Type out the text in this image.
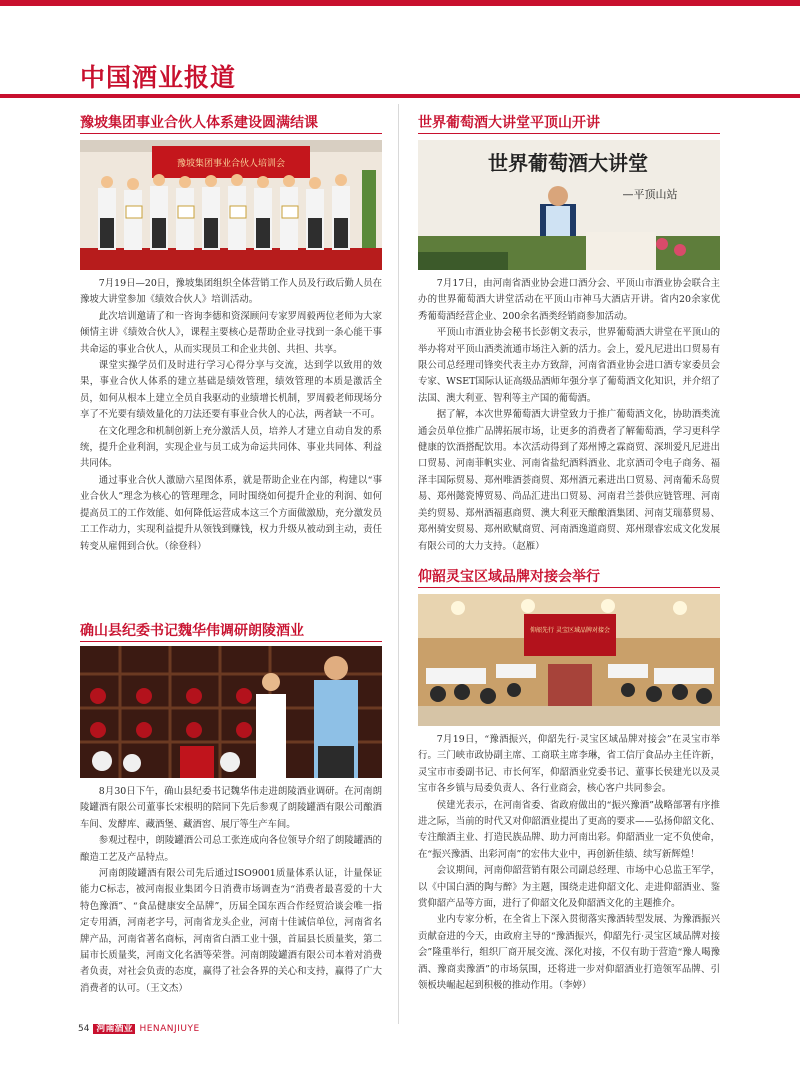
中国酒业报道
豫坡集团事业合伙人体系建设圆满结课
豫坡集团事业合伙人培训会

7月19日—20日，豫坡集团组织全体营销工作人员及行政后勤人员在豫坡大讲堂参加《绩效合伙人》培训活动。

此次培训邀请了和一咨询李德和资深顾问专家罗周毅两位老师为大家倾情主讲《绩效合伙人》，课程主要核心是帮助企业寻找到一条心能干事共命运的事业合伙人，从而实现员工和企业共创、共担、共享。

课堂实操学员们及时进行学习心得分享与交流，达到学以致用的效果，事业合伙人体系的建立基础是绩效管理，绩效管理的本质是激活全员，如何从根本上建立全员自我驱动的业绩增长机制，罗周毅老师现场分享了不光要有绩效量化的刀法还要有事业合伙人的心法，两者缺一不可。

在文化理念和机制创新上充分激活人员，培养人才建立自动自发的系统，提升企业利润，实现企业与员工成为命运共同体、事业共同体、利益共同体。

通过事业合伙人激励六星图体系，就是帮助企业在内部，构建以“事业合伙人”理念为核心的管理理念，同时围绕如何提升企业的利润、如何提高员工的工作效能、如何降低运营成本这三个方面做激励，充分激发员工工作动力，实现利益提升从领钱到赚钱，权力升级从被动到主动，责任转变从雇佣到合伙。（徐登科）

确山县纪委书记魏华伟调研朗陵酒业

8月30日下午，确山县纪委书记魏华伟走进朗陵酒业调研。在河南朗陵罐酒有限公司董事长宋根明的陪同下先后参观了朗陵罐酒有限公司酿酒车间、发酵库、藏酒堡、藏酒窖、展厅等生产车间。

参观过程中，朗陵罐酒公司总工张连成向各位领导介绍了朗陵罐酒的酿造工艺及产品特点。

河南朗陵罐酒有限公司先后通过ISO9001质量体系认证，计量保证能力C标志，被河南报业集团今日消费市场调查为“消费者最喜爱的十大特色豫酒”、“食品健康安全品牌”，历届全国东西合作经贸洽谈会唯一指定专用酒，河南老字号，河南省龙头企业，河南十佳诚信单位，河南省名牌产品，河南省著名商标，河南省白酒工业十强，首届县长质量奖，第二届市长质量奖，河南文化名酒等荣誉。河南朗陵罐酒有限公司本着对消费者负责，对社会负责的态度，赢得了社会各界的关心和支持，赢得了广大消费者的认可。（王文杰）

世界葡萄酒大讲堂平顶山开讲
世界葡萄酒大讲堂
—平顶山站

7月17日，由河南省酒业协会进口酒分会、平顶山市酒业协会联合主办的世界葡萄酒大讲堂活动在平顶山市神马大酒店开讲。省内20余家优秀葡萄酒经营企业、200余名酒类经销商参加活动。

平顶山市酒业协会秘书长彭朝文表示，世界葡萄酒大讲堂在平顶山的举办将对平顶山酒类流通市场注入新的活力。会上，爱凡尼进出口贸易有限公司总经理司锋奕代表主办方致辞，河南省酒业协会进口酒专家委员会专家、WSET国际认证高级品酒师年强分享了葡萄酒文化知识，并介绍了法国、澳大利亚、智利等主产国的葡萄酒。

据了解，本次世界葡萄酒大讲堂致力于推广葡萄酒文化，协助酒类流通会员单位推广品牌拓展市场，让更多的消费者了解葡萄酒，学习更科学健康的饮酒搭配饮用。本次活动得到了郑州博之霖商贸、深圳爱凡尼进出口贸易、河南菲帆实业、河南省盐纪酒料酒业、北京酒司令电子商务、福泽丰国际贸易、郑州唯酒荟商贸、郑州酒元素进出口贸易、河南葡禾岛贸易、郑州懿瓷博贸易、尚品汇进出口贸易、河南君兰荟供应链管理、河南美约贸易、郑州酒福惠商贸、澳大利亚天酿酿酒集团、河南艾瑞慕贸易、郑州骑安贸易、郑州欧赋商贸、河南酒逸道商贸、郑州璟睿宏成文化发展有限公司的大力支持。（赵雁）

仰韶灵宝区域品牌对接会举行
仰韶先行 灵宝区域品牌对接会

7月19日，“豫酒振兴，仰韶先行·灵宝区域品牌对接会”在灵宝市举行。三门峡市政协副主席、工商联主席李琳，省工信厅食品办主任许新，灵宝市市委副书记、市长何军，仰韶酒业党委书记、董事长侯建光以及灵宝市各乡镇与局委负责人、各行业商会，核心客户共同参会。

侯建光表示，在河南省委、省政府做出的“振兴豫酒”战略部署有序推进之际，当前的时代又对仰韶酒业提出了更高的要求——弘扬仰韶文化、专注酿酒主业、打造民族品牌、助力河南出彩。仰韶酒业一定不负使命，在“振兴豫酒、出彩河南”的宏伟大业中，再创新佳绩、续写新辉煌！

会议期间，河南仰韶营销有限公司副总经理、市场中心总监王军学，以《中国白酒的陶与醉》为主题，围绕走进仰韶文化、走进仰韶酒业、鉴赏仰韶产品等方面，进行了仰韶文化及仰韶酒文化的主题推介。

业内专家分析，在全省上下深入贯彻落实豫酒转型发展、为豫酒振兴贡献奋进的今天，由政府主导的“豫酒振兴，仰韶先行·灵宝区域品牌对接会”隆重举行，组织厂商开展交流、深化对接，不仅有助于营造“豫人喝豫酒、豫商卖豫酒”的市场氛围，还将进一步对仰韶酒业打造领军品牌、引领板块崛起起到积极的推动作用。（李婷）

54 河南酒业 HENANJIUYE
